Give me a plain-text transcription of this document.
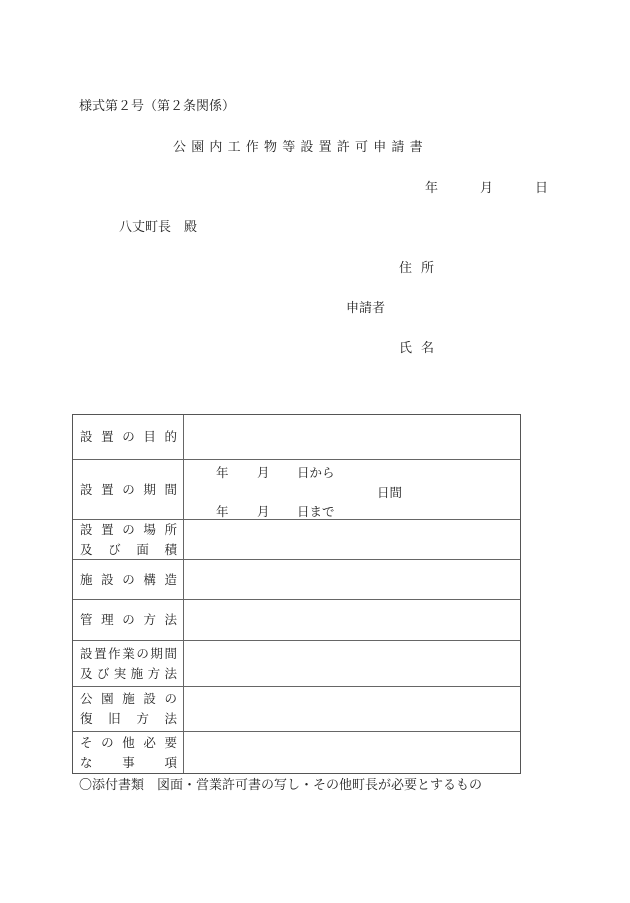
様式第２号（第２条関係）
公園内工作物等設置許可申請書
年	月	日
八丈町長　殿
住所
申請者
氏名
設 置 の 目 的
設 置 の 期 間
年 月 日から
日間
年 月 日まで
設 置 の 場 所
及 び 面 積
施 設 の 構 造
管 理 の 方 法
設 置 作 業 の 期 間
及 び 実 施 方 法
公 園 施 設 の
復 旧 方 法
そ の 他 必 要
な 事 項
〇添付書類　図面・営業許可書の写し・その他町長が必要とするもの
